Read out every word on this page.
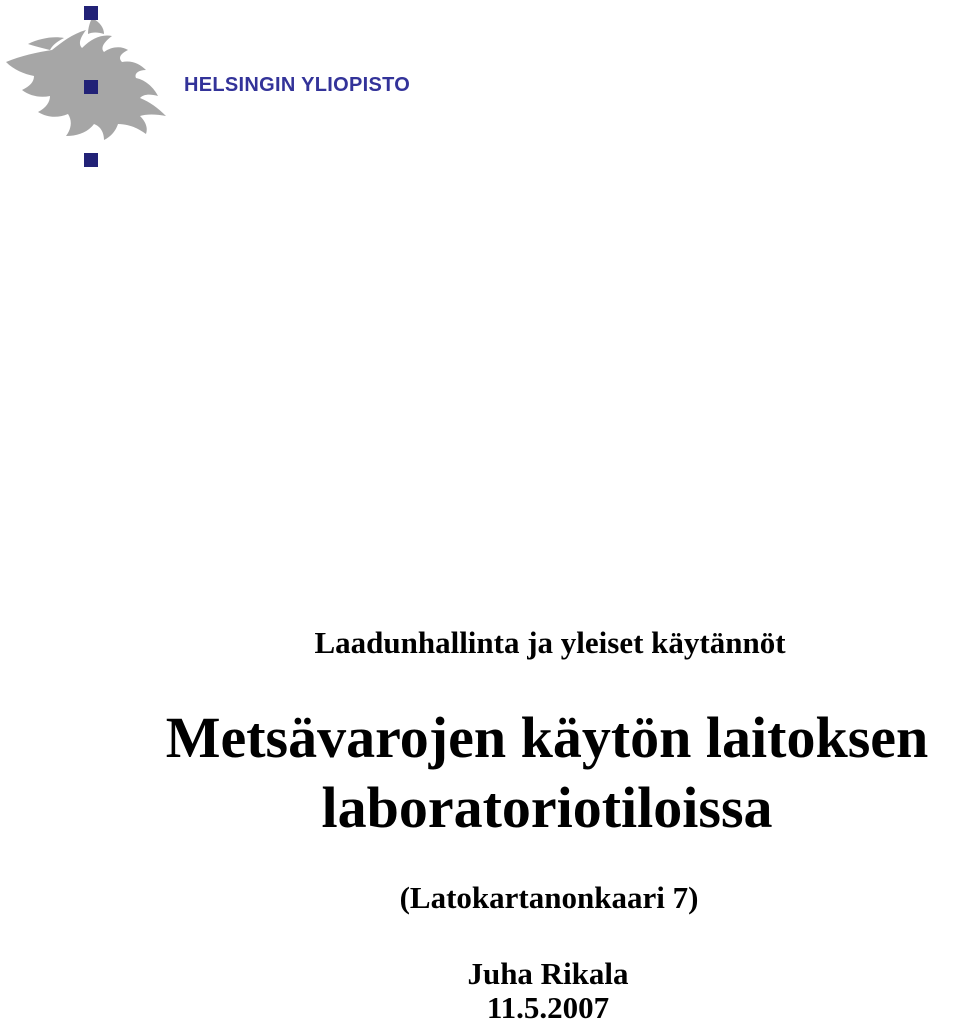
HELSINGIN YLIOPISTO
Laadunhallinta ja yleiset käytännöt
Metsävarojen käytön laitoksen
laboratoriotiloissa
(Latokartanonkaari 7)
Juha Rikala
11.5.2007
